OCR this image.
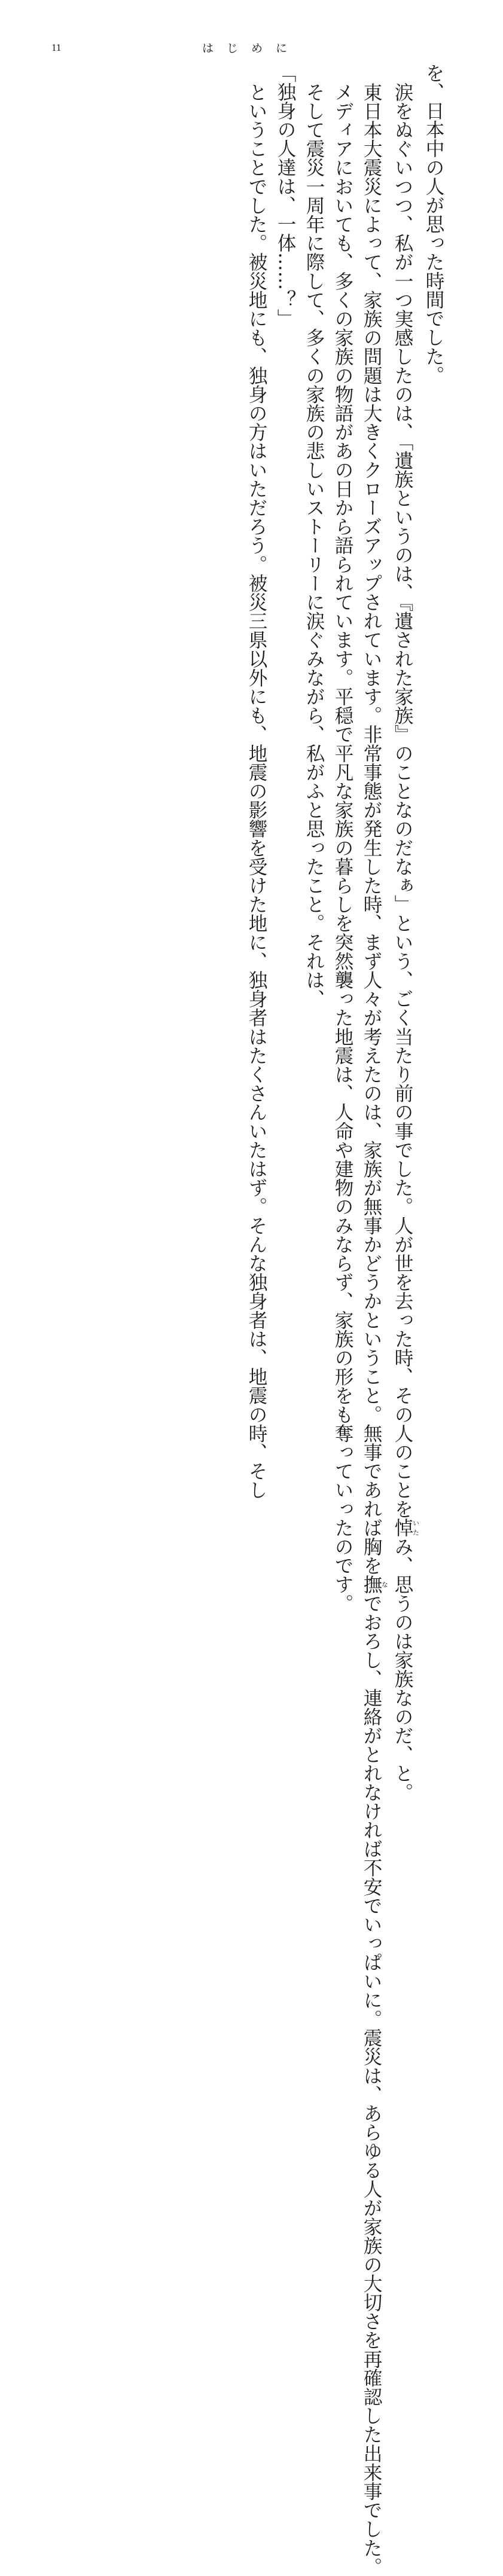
11	はじめに

を、日本中の人が思った時間でした。

涙をぬぐいつつ、私が一つ実感したのは、「遺族というのは、『遺された家族』のことなのだなぁ」という、ごく当たり前の事でした。人が世を去った時、その人のことを悼いたみ、思うのは家族なのだ、と。

東日本大震災によって、家族の問題は大きくクローズアップされています。非常事態が発生した時、まず人々が考えたのは、家族が無事かどうかということ。無事であれば胸を撫なでおろし、連絡がとれなければ不安でいっぱいに。震災は、あらゆる人が家族の大切さを再確認した出来事でした。

メディアにおいても、多くの家族の物語があの日から語られています。平穏で平凡な家族の暮らしを突然襲った地震は、人命や建物のみならず、家族の形をも奪っていったのです。

そして震災一周年に際して、多くの家族の悲しいストーリーに涙ぐみながら、私がふと思ったこと。それは、

「独身の人達は、一体……？」

ということでした。被災地にも、独身の方はいただろう。被災三県以外にも、地震の影響を受けた地に、独身者はたくさんいたはず。そんな独身者は、地震の時、そし
